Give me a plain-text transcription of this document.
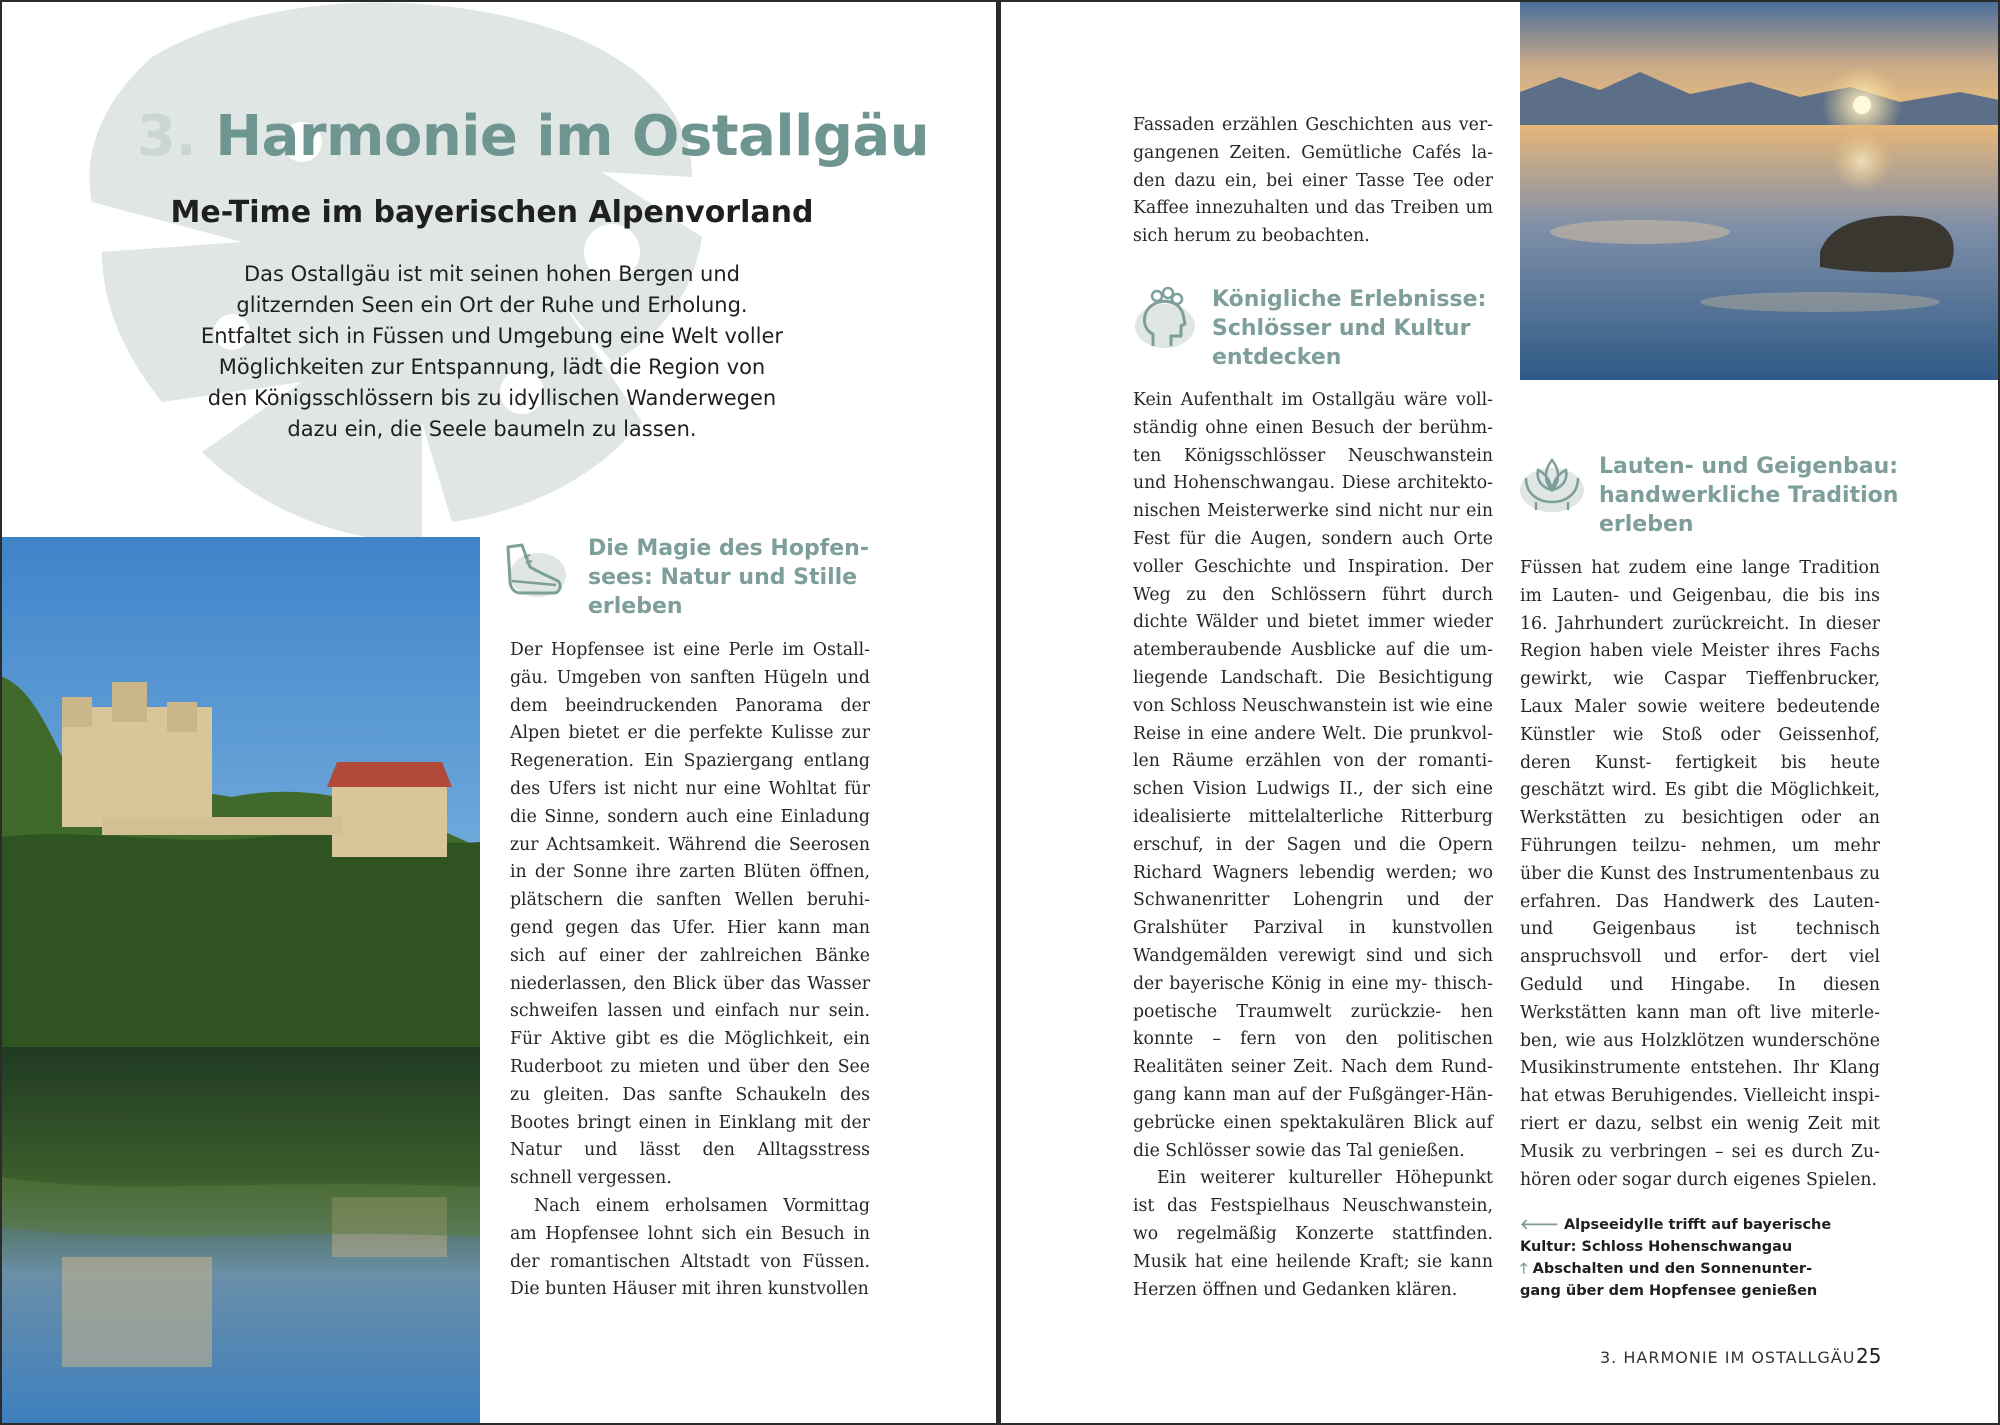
3. Harmonie im Ostallgäu
Me-Time im bayerischen Alpenvorland

Das Ostallgäu ist mit seinen hohen Bergen und
glitzernden Seen ein Ort der Ruhe und Erholung.
Entfaltet sich in Füssen und Umgebung eine Welt voller
Möglichkeiten zur Entspannung, lädt die Region von
den Königsschlössern bis zu idyllischen Wanderwegen
dazu ein, die Seele baumeln zu lassen.

Die Magie des Hopfen-
sees: Natur und Stille
erleben

Der Hopfensee ist eine Perle im Ostall- gäu. Umgeben von sanften Hügeln und dem beeindruckenden Panorama der Alpen bietet er die perfekte Kulisse zur Regeneration. Ein Spaziergang entlang des Ufers ist nicht nur eine Wohltat für die Sinne, sondern auch eine Einladung zur Achtsamkeit. Während die Seerosen in der Sonne ihre zarten Blüten öffnen, plätschern die sanften Wellen beruhi- gend gegen das Ufer. Hier kann man sich auf einer der zahlreichen Bänke niederlassen, den Blick über das Wasser schweifen lassen und einfach nur sein. Für Aktive gibt es die Möglichkeit, ein Ruderboot zu mieten und über den See zu gleiten. Das sanfte Schaukeln des Bootes bringt einen in Einklang mit der Natur und lässt den Alltagsstress schnell vergessen.

Nach einem erholsamen Vormittag am Hopfensee lohnt sich ein Besuch in der romantischen Altstadt von Füssen. Die bunten Häuser mit ihren kunstvollen

Fassaden erzählen Geschichten aus ver- gangenen Zeiten. Gemütliche Cafés la- den dazu ein, bei einer Tasse Tee oder Kaffee innezuhalten und das Treiben um sich herum zu beobachten.

Königliche Erlebnisse:
Schlösser und Kultur
entdecken

Kein Aufenthalt im Ostallgäu wäre voll- ständig ohne einen Besuch der berühm- ten Königsschlösser Neuschwanstein und Hohenschwangau. Diese architekto- nischen Meisterwerke sind nicht nur ein Fest für die Augen, sondern auch Orte voller Geschichte und Inspiration. Der Weg zu den Schlössern führt durch dichte Wälder und bietet immer wieder atemberaubende Ausblicke auf die um- liegende Landschaft. Die Besichtigung von Schloss Neuschwanstein ist wie eine Reise in eine andere Welt. Die prunkvol- len Räume erzählen von der romanti- schen Vision Ludwigs II., der sich eine idealisierte mittelalterliche Ritterburg erschuf, in der Sagen und die Opern Richard Wagners lebendig werden; wo Schwanenritter Lohengrin und der Gralshüter Parzival in kunstvollen Wandgemälden verewigt sind und sich der bayerische König in eine my- thisch-poetische Traumwelt zurückzie- hen konnte – fern von den politischen Realitäten seiner Zeit. Nach dem Rund- gang kann man auf der Fußgänger-Hän- gebrücke einen spektakulären Blick auf die Schlösser sowie das Tal genießen.

Ein weiterer kultureller Höhepunkt ist das Festspielhaus Neuschwanstein, wo regelmäßig Konzerte stattfinden. Musik hat eine heilende Kraft; sie kann Herzen öffnen und Gedanken klären.

Lauten- und Geigenbau:
handwerkliche Tradition
erleben

Füssen hat zudem eine lange Tradition im Lauten- und Geigenbau, die bis ins 16. Jahrhundert zurückreicht. In dieser Region haben viele Meister ihres Fachs gewirkt, wie Caspar Tieffenbrucker, Laux Maler sowie weitere bedeutende Künstler wie Stoß oder Geissenhof, deren Kunst- fertigkeit bis heute geschätzt wird. Es gibt die Möglichkeit, Werkstätten zu besichtigen oder an Führungen teilzu- nehmen, um mehr über die Kunst des Instrumentenbaus zu erfahren. Das Handwerk des Lauten- und Geigenbaus ist technisch anspruchsvoll und erfor- dert viel Geduld und Hingabe. In diesen Werkstätten kann man oft live miterle- ben, wie aus Holzklötzen wunderschöne Musikinstrumente entstehen. Ihr Klang hat etwas Beruhigendes. Vielleicht inspi- riert er dazu, selbst ein wenig Zeit mit Musik zu verbringen – sei es durch Zu- hören oder sogar durch eigenes Spielen.

🡐 Alpseeidylle trifft auf bayerische
Kultur: Schloss Hohenschwangau
🡑 Abschalten und den Sonnenunter-
gang über dem Hopfensee genießen
3. HARMONIE IM OSTALLGÄU 25
